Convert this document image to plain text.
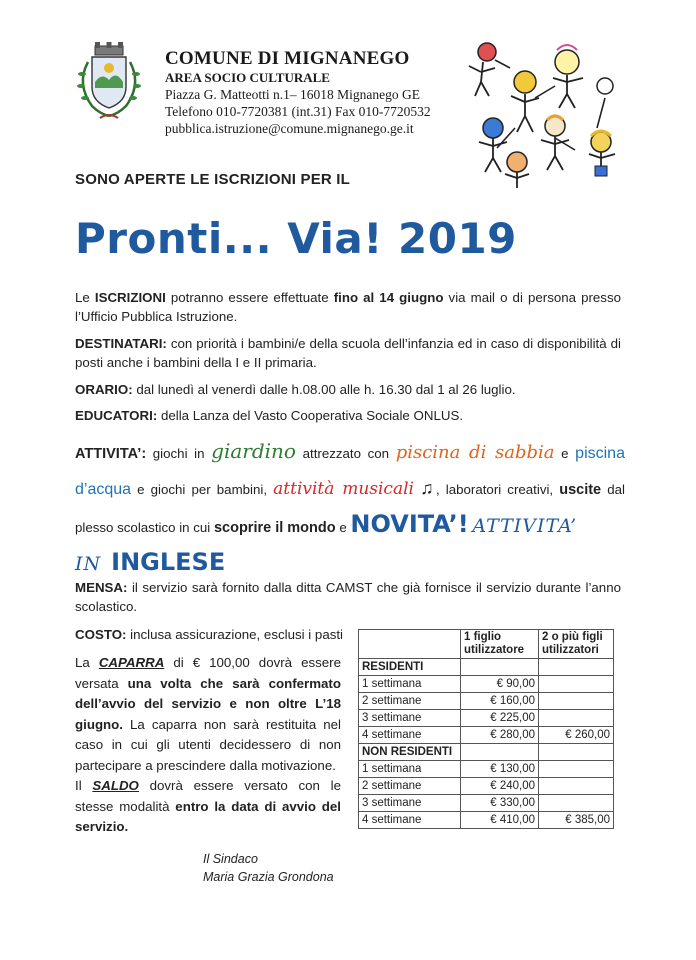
COMUNE DI MIGNANEGO
AREA SOCIO CULTURALE
Piazza G. Matteotti n.1– 16018 Mignanego GE
Telefono 010-7720381 (int.31) Fax 010-7720532
pubblica.istruzione@comune.mignanego.ge.it
SONO APERTE LE ISCRIZIONI PER IL
Pronti... Via! 2019
Le ISCRIZIONI potranno essere effettuate fino al 14 giugno via mail o di persona presso l’Ufficio Pubblica Istruzione.
DESTINATARI: con priorità i bambini/e della scuola dell’infanzia ed in caso di disponibilità di posti anche i bambini della I e II primaria.
ORARIO: dal lunedì al venerdì dalle h.08.00 alle h. 16.30 dal 1 al 26 luglio.
EDUCATORI: della Lanza del Vasto Cooperativa Sociale ONLUS.
ATTIVITA’: giochi in giardino attrezzato con piscina di sabbia e piscina d’acqua e giochi per bambini, attività musicali ♫, laboratori creativi, uscite dal plesso scolastico in cui scoprire il mondo e NOVITA’! ATTIVITA’
IN INGLESE
MENSA: il servizio sarà fornito dalla ditta CAMST che già fornisce il servizio durante l’anno scolastico.
COSTO: inclusa assicurazione, esclusi i pasti
La CAPARRA di € 100,00 dovrà essere versata una volta che sarà confermato dell’avvio del servizio e non oltre L’18 giugno. La caparra non sarà restituita nel caso in cui gli utenti decidessero di non partecipare a prescindere dalla motivazione.
Il SALDO dovrà essere versato con le stesse modalità entro la data di avvio del servizio.
	1 figlio utilizzatore	2 o più figli utilizzatori
RESIDENTI		
1 settimana	€ 90,00	
2 settimane	€ 160,00	
3 settimane	€ 225,00	
4 settimane	€ 280,00	€ 260,00
NON RESIDENTI		
1 settimana	€ 130,00	
2 settimane	€ 240,00	
3 settimane	€ 330,00	
4 settimane	€ 410,00	€ 385,00
Il Sindaco
Maria Grazia Grondona
